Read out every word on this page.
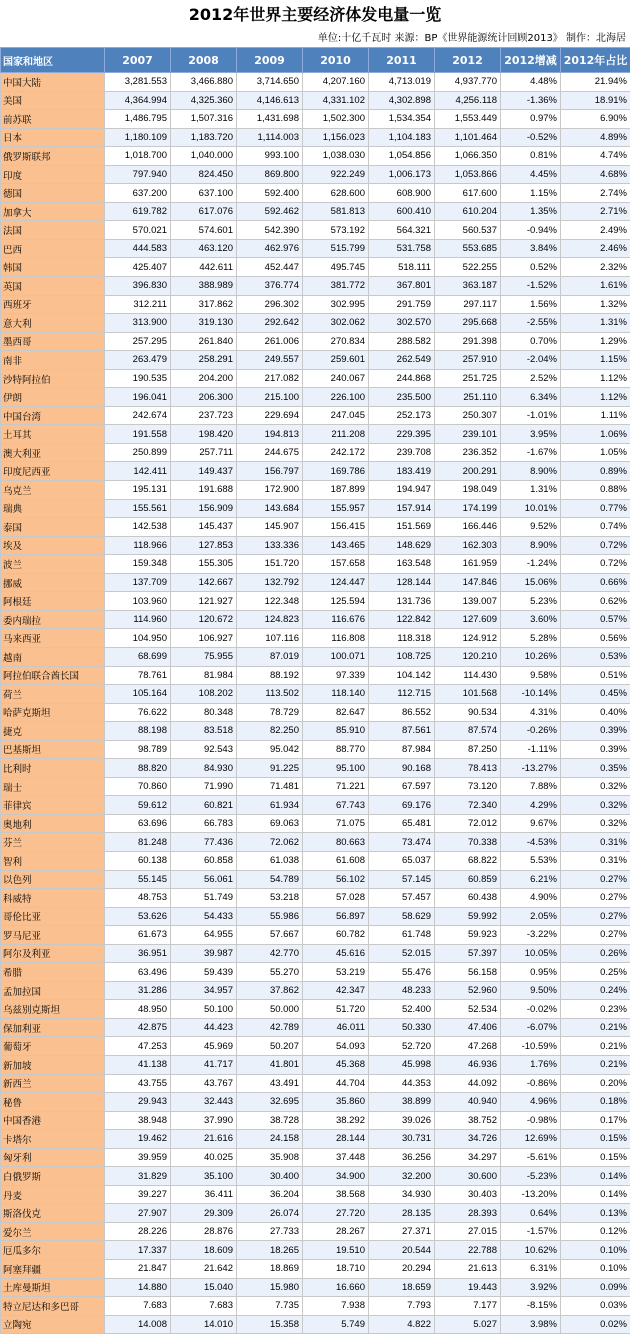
2012年世界主要经济体发电量一览
单位:十亿千瓦时 来源：BP《世界能源统计回顾2013》 制作：北海居
国家和地区	2007	2008	2009	2010	2011	2012	2012增减	2012年占比
中国大陆	3,281.553	3,466.880	3,714.650	4,207.160	4,713.019	4,937.770	4.48%	21.94%
美国	4,364.994	4,325.360	4,146.613	4,331.102	4,302.898	4,256.118	-1.36%	18.91%
前苏联	1,486.795	1,507.316	1,431.698	1,502.300	1,534.354	1,553.449	0.97%	6.90%
日本	1,180.109	1,183.720	1,114.003	1,156.023	1,104.183	1,101.464	-0.52%	4.89%
俄罗斯联邦	1,018.700	1,040.000	993.100	1,038.030	1,054.856	1,066.350	0.81%	4.74%
印度	797.940	824.450	869.800	922.249	1,006.173	1,053.866	4.45%	4.68%
德国	637.200	637.100	592.400	628.600	608.900	617.600	1.15%	2.74%
加拿大	619.782	617.076	592.462	581.813	600.410	610.204	1.35%	2.71%
法国	570.021	574.601	542.390	573.192	564.321	560.537	-0.94%	2.49%
巴西	444.583	463.120	462.976	515.799	531.758	553.685	3.84%	2.46%
韩国	425.407	442.611	452.447	495.745	518.111	522.255	0.52%	2.32%
英国	396.830	388.989	376.774	381.772	367.801	363.187	-1.52%	1.61%
西班牙	312.211	317.862	296.302	302.995	291.759	297.117	1.56%	1.32%
意大利	313.900	319.130	292.642	302.062	302.570	295.668	-2.55%	1.31%
墨西哥	257.295	261.840	261.006	270.834	288.582	291.398	0.70%	1.29%
南非	263.479	258.291	249.557	259.601	262.549	257.910	-2.04%	1.15%
沙特阿拉伯	190.535	204.200	217.082	240.067	244.868	251.725	2.52%	1.12%
伊朗	196.041	206.300	215.100	226.100	235.500	251.110	6.34%	1.12%
中国台湾	242.674	237.723	229.694	247.045	252.173	250.307	-1.01%	1.11%
土耳其	191.558	198.420	194.813	211.208	229.395	239.101	3.95%	1.06%
澳大利亚	250.899	257.711	244.675	242.172	239.708	236.352	-1.67%	1.05%
印度尼西亚	142.411	149.437	156.797	169.786	183.419	200.291	8.90%	0.89%
乌克兰	195.131	191.688	172.900	187.899	194.947	198.049	1.31%	0.88%
瑞典	155.561	156.909	143.684	155.957	157.914	174.199	10.01%	0.77%
泰国	142.538	145.437	145.907	156.415	151.569	166.446	9.52%	0.74%
埃及	118.966	127.853	133.336	143.465	148.629	162.303	8.90%	0.72%
波兰	159.348	155.305	151.720	157.658	163.548	161.959	-1.24%	0.72%
挪威	137.709	142.667	132.792	124.447	128.144	147.846	15.06%	0.66%
阿根廷	103.960	121.927	122.348	125.594	131.736	139.007	5.23%	0.62%
委内瑞拉	114.960	120.672	124.823	116.676	122.842	127.609	3.60%	0.57%
马来西亚	104.950	106.927	107.116	116.808	118.318	124.912	5.28%	0.56%
越南	68.699	75.955	87.019	100.071	108.725	120.210	10.26%	0.53%
阿拉伯联合酋长国	78.761	81.984	88.192	97.339	104.142	114.430	9.58%	0.51%
荷兰	105.164	108.202	113.502	118.140	112.715	101.568	-10.14%	0.45%
哈萨克斯坦	76.622	80.348	78.729	82.647	86.552	90.534	4.31%	0.40%
捷克	88.198	83.518	82.250	85.910	87.561	87.574	-0.26%	0.39%
巴基斯坦	98.789	92.543	95.042	88.770	87.984	87.250	-1.11%	0.39%
比利时	88.820	84.930	91.225	95.100	90.168	78.413	-13.27%	0.35%
瑞士	70.860	71.990	71.481	71.221	67.597	73.120	7.88%	0.32%
菲律宾	59.612	60.821	61.934	67.743	69.176	72.340	4.29%	0.32%
奥地利	63.696	66.783	69.063	71.075	65.481	72.012	9.67%	0.32%
芬兰	81.248	77.436	72.062	80.663	73.474	70.338	-4.53%	0.31%
智利	60.138	60.858	61.038	61.608	65.037	68.822	5.53%	0.31%
以色列	55.145	56.061	54.789	56.102	57.145	60.859	6.21%	0.27%
科威特	48.753	51.749	53.218	57.028	57.457	60.438	4.90%	0.27%
哥伦比亚	53.626	54.433	55.986	56.897	58.629	59.992	2.05%	0.27%
罗马尼亚	61.673	64.955	57.667	60.782	61.748	59.923	-3.22%	0.27%
阿尔及利亚	36.951	39.987	42.770	45.616	52.015	57.397	10.05%	0.26%
希腊	63.496	59.439	55.270	53.219	55.476	56.158	0.95%	0.25%
孟加拉国	31.286	34.957	37.862	42.347	48.233	52.960	9.50%	0.24%
乌兹别克斯坦	48.950	50.100	50.000	51.720	52.400	52.534	-0.02%	0.23%
保加利亚	42.875	44.423	42.789	46.011	50.330	47.406	-6.07%	0.21%
葡萄牙	47.253	45.969	50.207	54.093	52.720	47.268	-10.59%	0.21%
新加坡	41.138	41.717	41.801	45.368	45.998	46.936	1.76%	0.21%
新西兰	43.755	43.767	43.491	44.704	44.353	44.092	-0.86%	0.20%
秘鲁	29.943	32.443	32.695	35.860	38.899	40.940	4.96%	0.18%
中国香港	38.948	37.990	38.728	38.292	39.026	38.752	-0.98%	0.17%
卡塔尔	19.462	21.616	24.158	28.144	30.731	34.726	12.69%	0.15%
匈牙利	39.959	40.025	35.908	37.448	36.256	34.297	-5.61%	0.15%
白俄罗斯	31.829	35.100	30.400	34.900	32.200	30.600	-5.23%	0.14%
丹麦	39.227	36.411	36.204	38.568	34.930	30.403	-13.20%	0.14%
斯洛伐克	27.907	29.309	26.074	27.720	28.135	28.393	0.64%	0.13%
爱尔兰	28.226	28.876	27.733	28.267	27.371	27.015	-1.57%	0.12%
厄瓜多尔	17.337	18.609	18.265	19.510	20.544	22.788	10.62%	0.10%
阿塞拜疆	21.847	21.642	18.869	18.710	20.294	21.613	6.31%	0.10%
土库曼斯坦	14.880	15.040	15.980	16.660	18.659	19.443	3.92%	0.09%
特立尼达和多巴哥	7.683	7.683	7.735	7.938	7.793	7.177	-8.15%	0.03%
立陶宛	14.008	14.010	15.358	5.749	4.822	5.027	3.98%	0.02%
